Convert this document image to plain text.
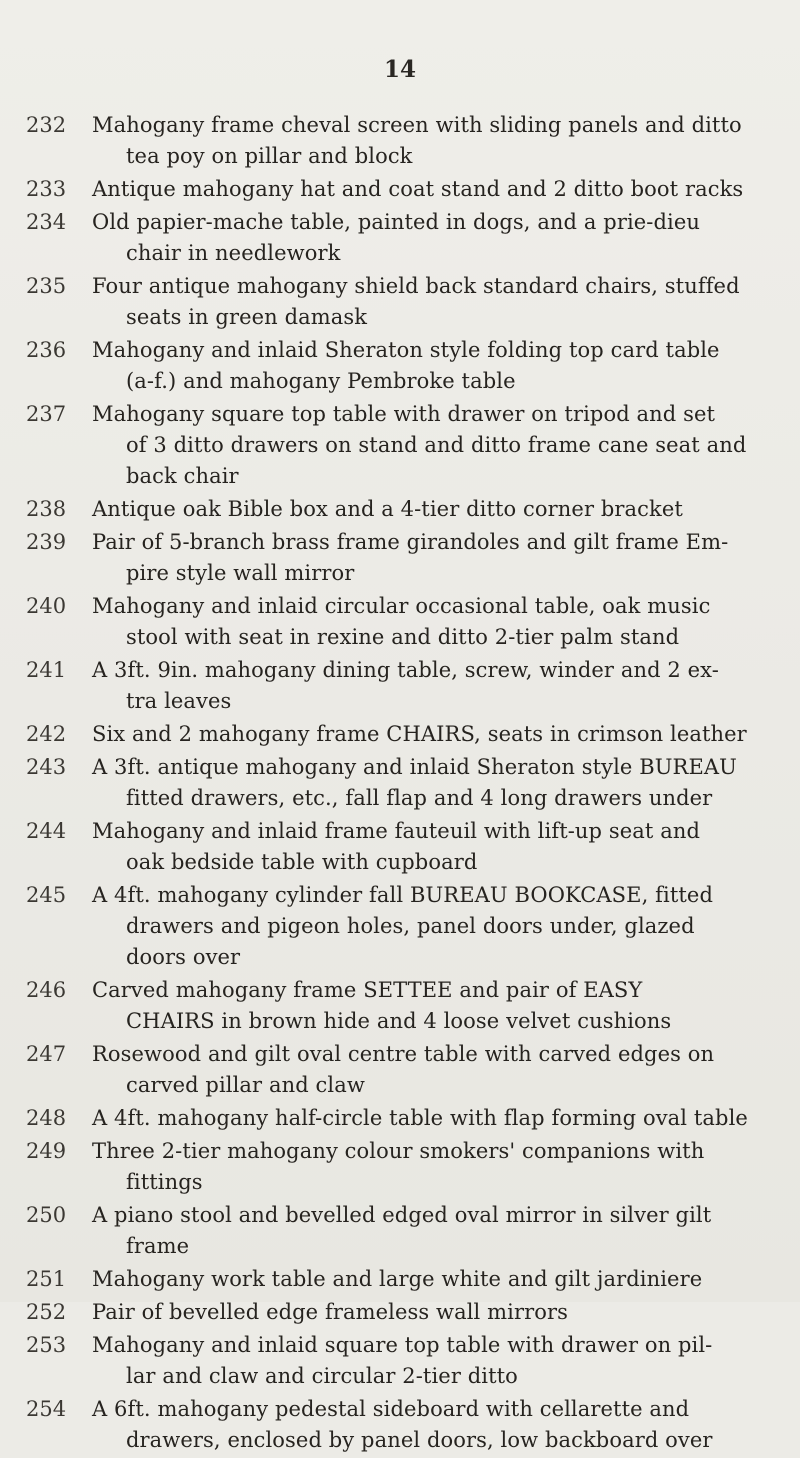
14
232	Mahogany frame cheval screen with sliding panels and ditto
tea poy on pillar and block

233	Antique mahogany hat and coat stand and 2 ditto boot racks

234	Old papier-mache table, painted in dogs, and a prie-dieu
chair in needlework

235	Four antique mahogany shield back standard chairs, stuffed
seats in green damask

236	Mahogany and inlaid Sheraton style folding top card table
(a-f.) and mahogany Pembroke table

237	Mahogany square top table with drawer on tripod and set
of 3 ditto drawers on stand and ditto frame cane seat and
back chair

238	Antique oak Bible box and a 4-tier ditto corner bracket

239	Pair of 5-branch brass frame girandoles and gilt frame Em-
pire style wall mirror

240	Mahogany and inlaid circular occasional table, oak music
stool with seat in rexine and ditto 2-tier palm stand

241	A 3ft. 9in. mahogany dining table, screw, winder and 2 ex-
tra leaves

242	Six and 2 mahogany frame CHAIRS, seats in crimson leather

243	A 3ft. antique mahogany and inlaid Sheraton style BUREAU
fitted drawers, etc., fall flap and 4 long drawers under

244	Mahogany and inlaid frame fauteuil with lift-up seat and
oak bedside table with cupboard

245	A 4ft. mahogany cylinder fall BUREAU BOOKCASE, fitted
drawers and pigeon holes, panel doors under, glazed
doors over

246	Carved mahogany frame SETTEE and pair of EASY
CHAIRS in brown hide and 4 loose velvet cushions

247	Rosewood and gilt oval centre table with carved edges on
carved pillar and claw

248	A 4ft. mahogany half-circle table with flap forming oval table

249	Three 2-tier mahogany colour smokers' companions with
fittings

250	A piano stool and bevelled edged oval mirror in silver gilt
frame

251	Mahogany work table and large white and gilt jardiniere

252	Pair of bevelled edge frameless wall mirrors

253	Mahogany and inlaid square top table with drawer on pil-
lar and claw and circular 2-tier ditto

254	A 6ft. mahogany pedestal sideboard with cellarette and
drawers, enclosed by panel doors, low backboard over
